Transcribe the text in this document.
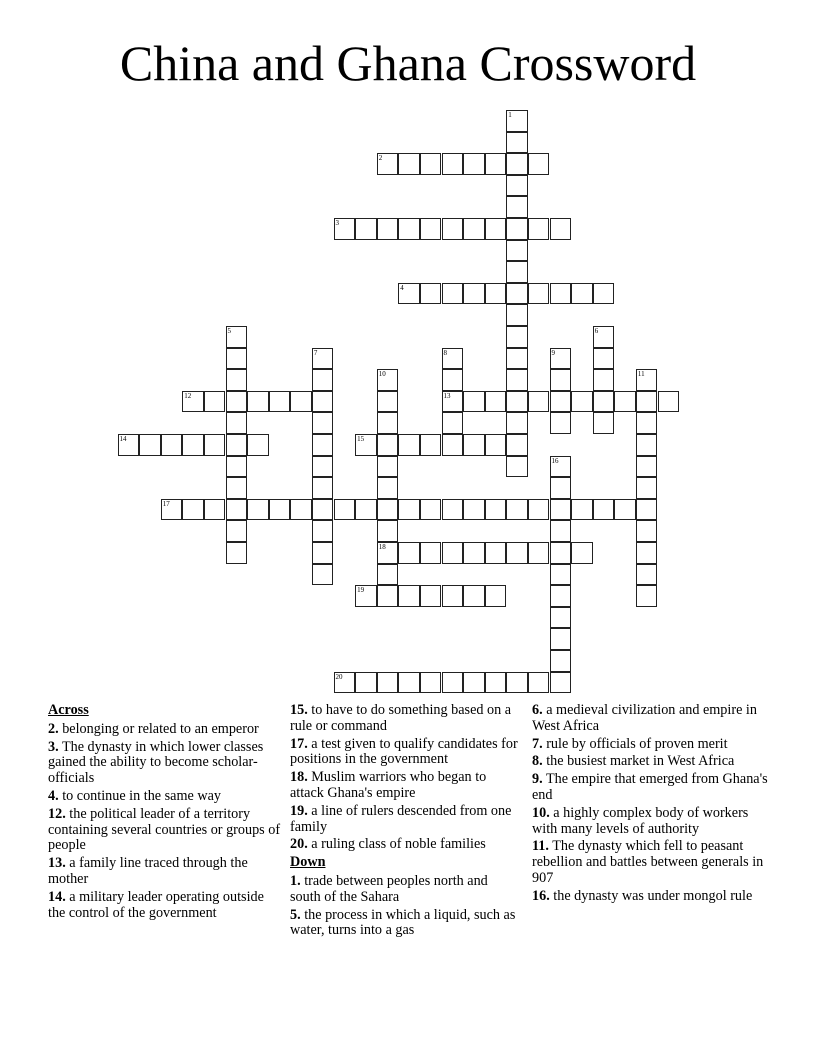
China and Ghana Crossword
1
2
3
4
5	6
7	8	9
10	11
12	13
14	15
16
17
18
19
20
Across
2. belonging or related to an emperor
3. The dynasty in which lower classes gained the ability to become scholar-officials
4. to continue in the same way
12. the political leader of a territory containing several countries or groups of people
13. a family line traced through the mother
14. a military leader operating outside the control of the government
15. to have to do something based on a rule or command
17. a test given to qualify candidates for positions in the government
18. Muslim warriors who began to attack Ghana's empire
19. a line of rulers descended from one family
20. a ruling class of noble families
Down
1. trade between peoples north and south of the Sahara
5. the process in which a liquid, such as water, turns into a gas
6. a medieval civilization and empire in West Africa
7. rule by officials of proven merit
8. the busiest market in West Africa
9. The empire that emerged from Ghana's end
10. a highly complex body of workers with many levels of authority
11. The dynasty which fell to peasant rebellion and battles between generals in 907
16. the dynasty was under mongol rule
